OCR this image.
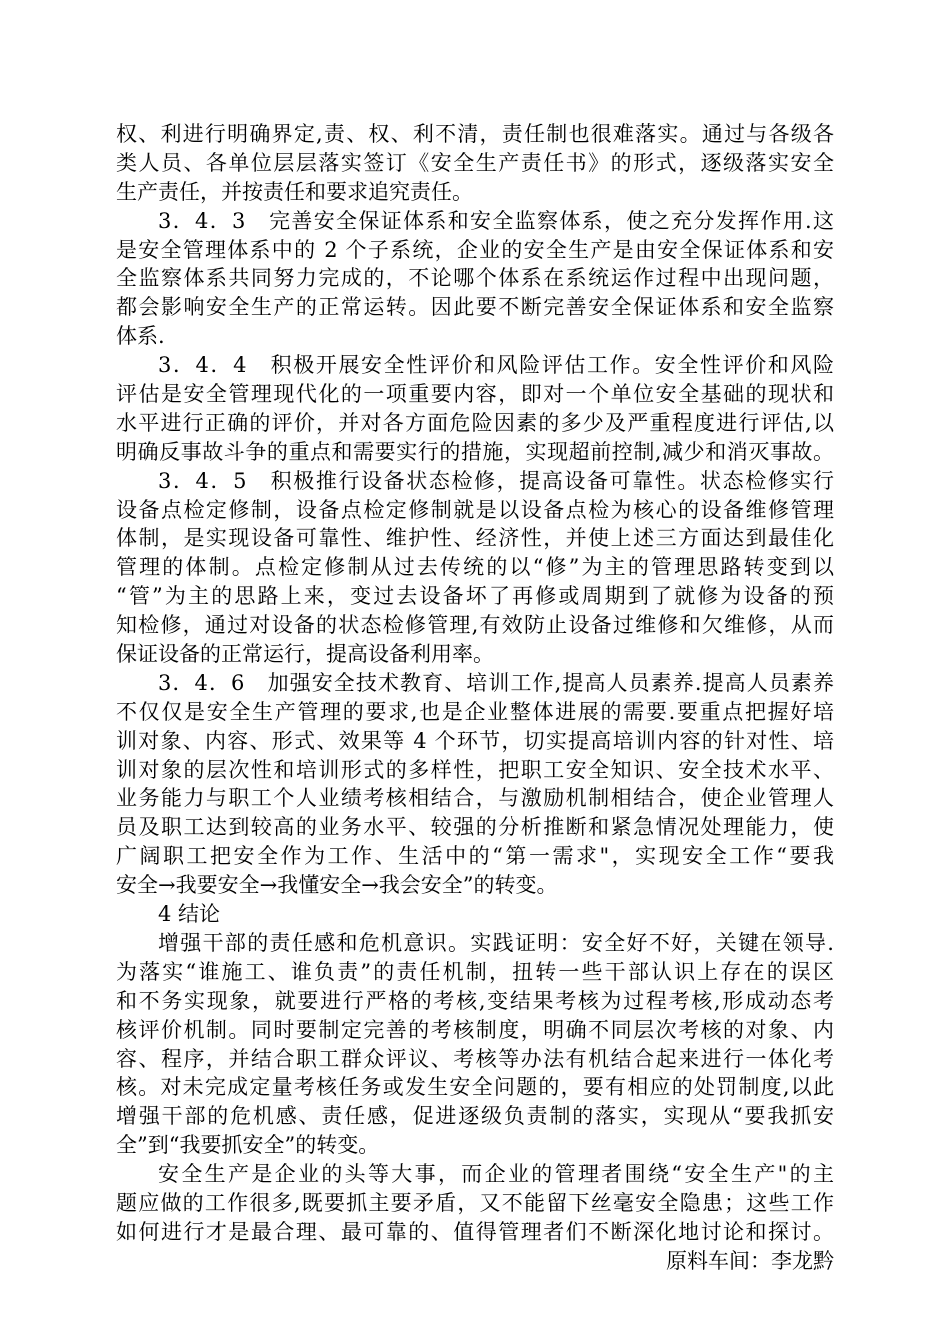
权、利进行明确界定,责、权、利不清，责任制也很难落实。通过与各级各
类人员、各单位层层落实签订《安全生产责任书》的形式，逐级落实安全
生产责任，并按责任和要求追究责任。
3．4．3　完善安全保证体系和安全监察体系，使之充分发挥作用.这
是安全管理体系中的 2 个子系统，企业的安全生产是由安全保证体系和安
全监察体系共同努力完成的，不论哪个体系在系统运作过程中出现问题，
都会影响安全生产的正常运转。因此要不断完善安全保证体系和安全监察
体系.
3．4．4　积极开展安全性评价和风险评估工作。安全性评价和风险
评估是安全管理现代化的一项重要内容，即对一个单位安全基础的现状和
水平进行正确的评价，并对各方面危险因素的多少及严重程度进行评估,以
明确反事故斗争的重点和需要实行的措施，实现超前控制,减少和消灭事故。
3．4．5　积极推行设备状态检修，提高设备可靠性。状态检修实行
设备点检定修制，设备点检定修制就是以设备点检为核心的设备维修管理
体制，是实现设备可靠性、维护性、经济性，并使上述三方面达到最佳化
管理的体制。点检定修制从过去传统的以“修”为主的管理思路转变到以
“管”为主的思路上来，变过去设备坏了再修或周期到了就修为设备的预
知检修，通过对设备的状态检修管理,有效防止设备过维修和欠维修，从而
保证设备的正常运行，提高设备利用率。
3．4．6　加强安全技术教育、培训工作,提高人员素养.提高人员素养
不仅仅是安全生产管理的要求,也是企业整体进展的需要.要重点把握好培
训对象、内容、形式、效果等 4 个环节，切实提高培训内容的针对性、培
训对象的层次性和培训形式的多样性，把职工安全知识、安全技术水平、
业务能力与职工个人业绩考核相结合，与激励机制相结合，使企业管理人
员及职工达到较高的业务水平、较强的分析推断和紧急情况处理能力，使
广阔职工把安全作为工作、生活中的“第一需求"，实现安全工作“要我
安全→我要安全→我懂安全→我会安全”的转变。
4 结论
增强干部的责任感和危机意识。实践证明：安全好不好，关键在领导.
为落实“谁施工、谁负责”的责任机制，扭转一些干部认识上存在的误区
和不务实现象，就要进行严格的考核,变结果考核为过程考核,形成动态考
核评价机制。同时要制定完善的考核制度，明确不同层次考核的对象、内
容、程序，并结合职工群众评议、考核等办法有机结合起来进行一体化考
核。对未完成定量考核任务或发生安全问题的，要有相应的处罚制度,以此
增强干部的危机感、责任感，促进逐级负责制的落实，实现从“要我抓安
全”到“我要抓安全”的转变。
安全生产是企业的头等大事，而企业的管理者围绕“安全生产"的主
题应做的工作很多,既要抓主要矛盾，又不能留下丝毫安全隐患；这些工作
如何进行才是最合理、最可靠的、值得管理者们不断深化地讨论和探讨。
原料车间：李龙黔
